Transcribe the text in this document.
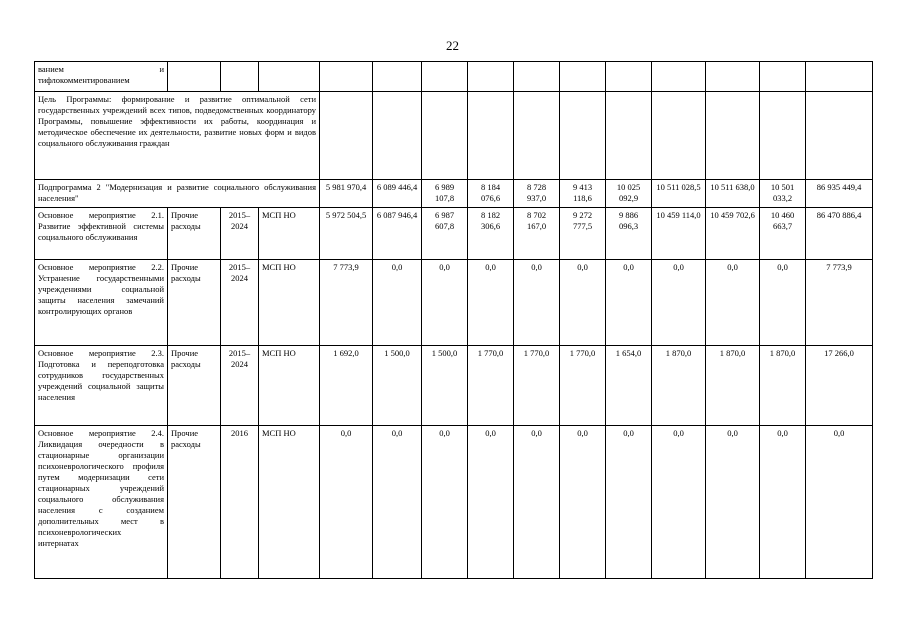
22
ванием и тифлокомментированием														
Цель Программы: формирование и развитие оптимальной сети государственных учреждений всех типов, подведомственных координатору Программы, повышение эффективности их работы, координация и методическое обеспечение их деятельности, развитие новых форм и видов социального обслуживания граждан														
Подпрограмма 2 "Модернизация и развитие социального обслуживания населения"				5 981 970,4	6 089 446,4	6 989 107,8	8 184 076,6	8 728 937,0	9 413 118,6	10 025 092,9	10 511 028,5	10 511 638,0	10 501 033,2	86 935 449,4
Основное мероприятие 2.1. Развитие эффективной системы социального обслуживания	Прочие расходы	2015–2024	МСП НО	5 972 504,5	6 087 946,4	6 987 607,8	8 182 306,6	8 702 167,0	9 272 777,5	9 886 096,3	10 459 114,0	10 459 702,6	10 460 663,7	86 470 886,4
Основное мероприятие 2.2. Устранение государственными учреждениями социальной защиты населения замечаний контролирующих органов	Прочие расходы	2015–2024	МСП НО	7 773,9	0,0	0,0	0,0	0,0	0,0	0,0	0,0	0,0	0,0	7 773,9
Основное мероприятие 2.3. Подготовка и переподготовка сотрудников государственных учреждений социальной защиты населения	Прочие расходы	2015–2024	МСП НО	1 692,0	1 500,0	1 500,0	1 770,0	1 770,0	1 770,0	1 654,0	1 870,0	1 870,0	1 870,0	17 266,0
Основное мероприятие 2.4. Ликвидация очередности в стационарные организации психоневрологического профиля путем модернизации сети стационарных учреждений социального обслуживания населения с созданием дополнительных мест в психоневрологических интернатах	Прочие расходы	2016	МСП НО	0,0	0,0	0,0	0,0	0,0	0,0	0,0	0,0	0,0	0,0	0,0
